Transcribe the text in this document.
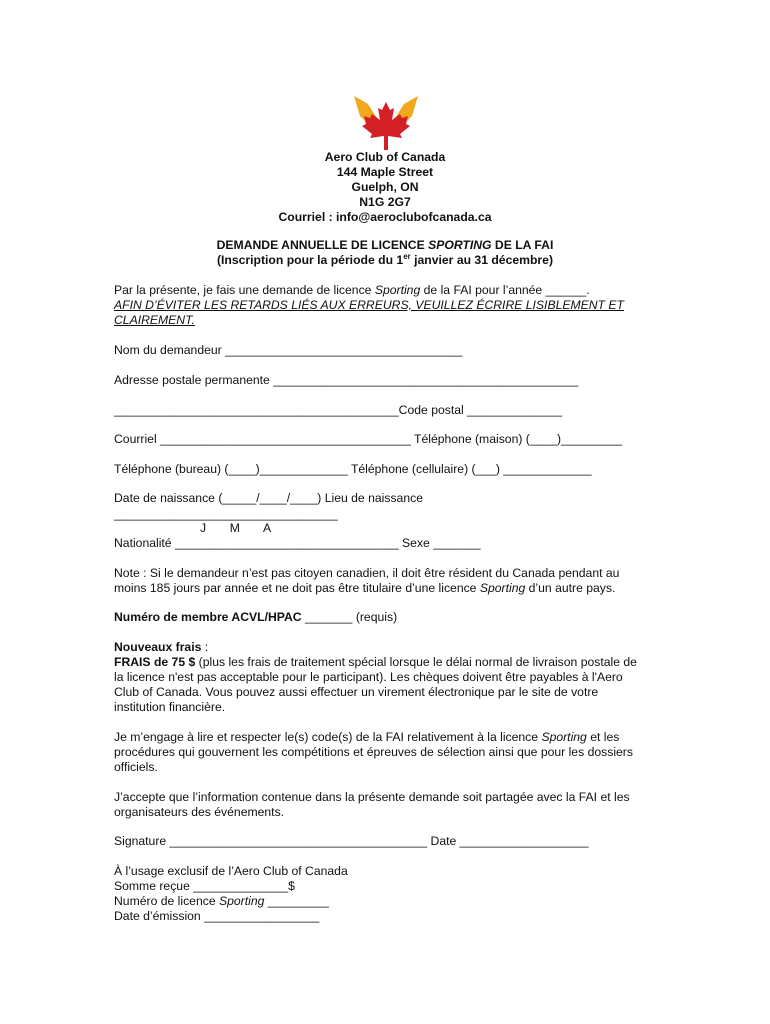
Aero Club of Canada
144 Maple Street
Guelph, ON
N1G 2G7
Courriel : info@aeroclubofcanada.ca
DEMANDE ANNUELLE DE LICENCE SPORTING DE LA FAI
(Inscription pour la période du 1er janvier au 31 décembre)
Par la présente, je fais une demande de licence Sporting de la FAI pour l’année ______.
AFIN D’ÉVITER LES RETARDS LIÉS AUX ERREURS, VEUILLEZ ÉCRIRE LISIBLEMENT ET
CLAIREMENT.
Nom du demandeur ___________________________________
Adresse postale permanente _____________________________________________
__________________________________________Code postal ______________
Courriel _____________________________________ Téléphone (maison) (____)_________
Téléphone (bureau) (____)_____________ Téléphone (cellulaire) (___) _____________
Date de naissance (_____/____/____) Lieu de naissance
_________________________________
J       M       A
Nationalité _________________________________ Sexe _______
Note : Si le demandeur n’est pas citoyen canadien, il doit être résident du Canada pendant au
moins 185 jours par année et ne doit pas être titulaire d’une licence Sporting d’un autre pays.
Numéro de membre ACVL/HPAC _______ (requis)
Nouveaux frais :
FRAIS de 75 $ (plus les frais de traitement spécial lorsque le délai normal de livraison postale de
la licence n'est pas acceptable pour le participant). Les chèques doivent être payables à l'Aero
Club of Canada. Vous pouvez aussi effectuer un virement électronique par le site de votre
institution financière.
Je m’engage à lire et respecter le(s) code(s) de la FAI relativement à la licence Sporting et les
procédures qui gouvernent les compétitions et épreuves de sélection ainsi que pour les dossiers
officiels.
J’accepte que l’information contenue dans la présente demande soit partagée avec la FAI et les
organisateurs des événements.
Signature ______________________________________ Date ___________________
À l’usage exclusif de l’Aero Club of Canada
Somme reçue ______________$
Numéro de licence Sporting _________
Date d’émission _________________
